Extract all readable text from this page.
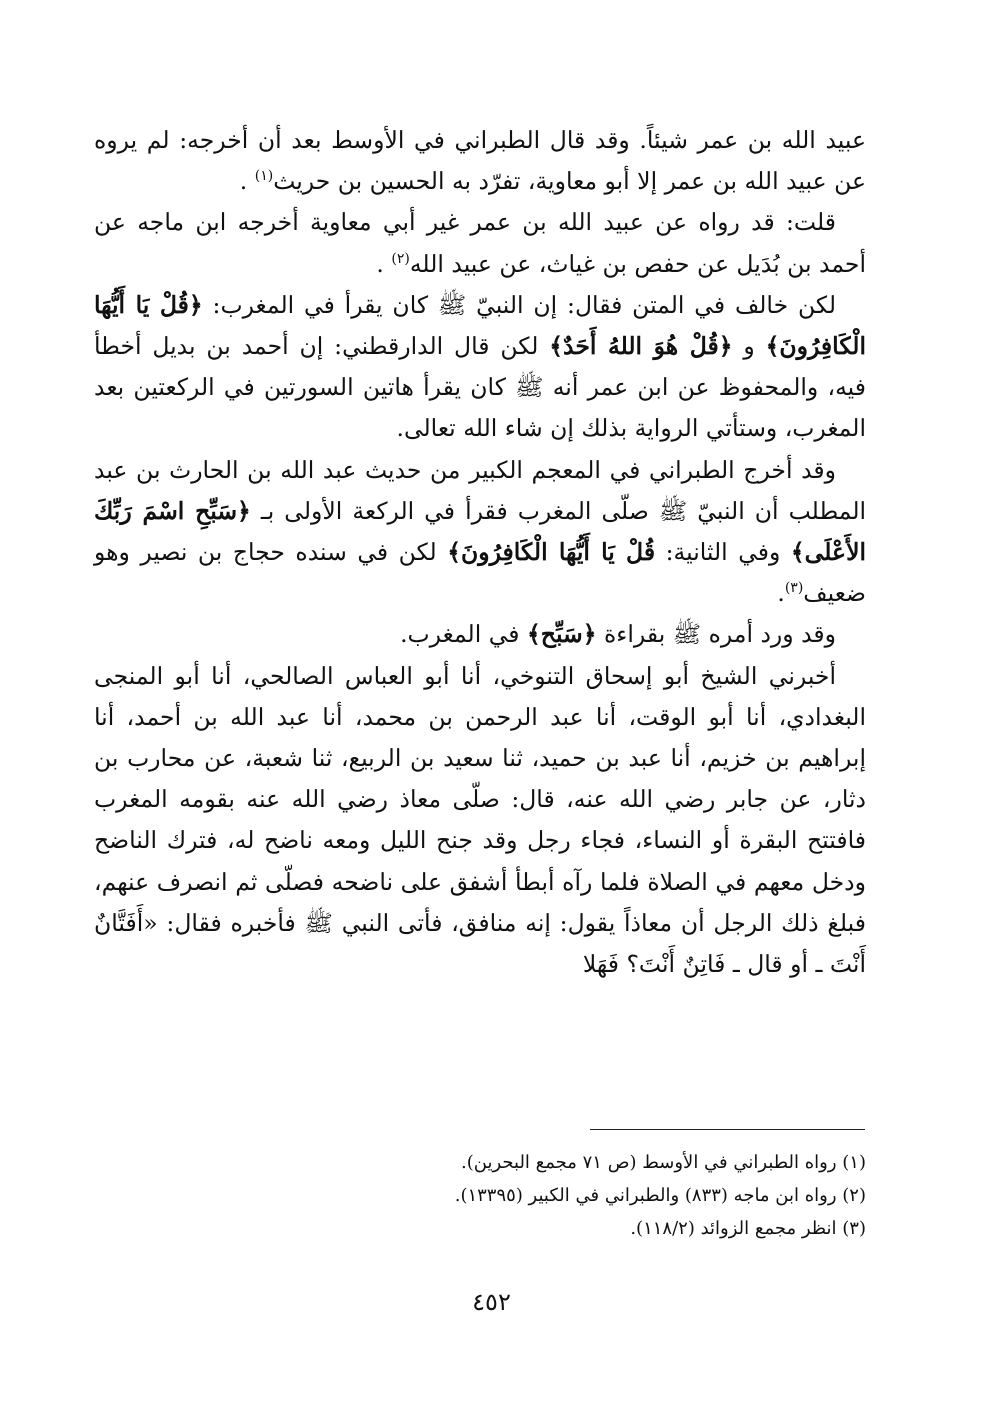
عبيد الله بن عمر شيئاً. وقد قال الطبراني في الأوسط بعد أن أخرجه: لم يروه عن عبيد الله بن عمر إلا أبو معاوية، تفرّد به الحسين بن حريث$^{(١)}$ .

قلت: قد رواه عن عبيد الله بن عمر غير أبي معاوية أخرجه ابن ماجه عن أحمد بن بُدَيل عن حفص بن غياث، عن عبيد الله$^{(٢)}$ .

لكن خالف في المتن فقال: إن النبيّ ﷺ كان يقرأ في المغرب: ﴿قُلْ يَا أَيُّهَا الْكَافِرُونَ﴾ و ﴿قُلْ هُوَ اللهُ أَحَدٌ﴾ لكن قال الدارقطني: إن أحمد بن بديل أخطأ فيه، والمحفوظ عن ابن عمر أنه ﷺ كان يقرأ هاتين السورتين في الركعتين بعد المغرب، وستأتي الرواية بذلك إن شاء الله تعالى.

وقد أخرج الطبراني في المعجم الكبير من حديث عبد الله بن الحارث بن عبد المطلب أن النبيّ ﷺ صلّى المغرب فقرأ في الركعة الأولى بـ ﴿سَبِّحِ اسْمَ رَبِّكَ الأَعْلَى﴾ وفي الثانية: قُلْ يَا أَيُّهَا الْكَافِرُونَ﴾ لكن في سنده حجاج بن نصير وهو ضعيف$^{(٣)}$.

وقد ورد أمره ﷺ بقراءة ﴿سَبِّح﴾ في المغرب.

أخبرني الشيخ أبو إسحاق التنوخي، أنا أبو العباس الصالحي، أنا أبو المنجى البغدادي، أنا أبو الوقت، أنا عبد الرحمن بن محمد، أنا عبد الله بن أحمد، أنا إبراهيم بن خزيم، أنا عبد بن حميد، ثنا سعيد بن الربيع، ثنا شعبة، عن محارب بن دثار، عن جابر رضي الله عنه، قال: صلّى معاذ رضي الله عنه بقومه المغرب فافتتح البقرة أو النساء، فجاء رجل وقد جنح الليل ومعه ناضح له، فترك الناضح ودخل معهم في الصلاة فلما رآه أبطأ أشفق على ناضحه فصلّى ثم انصرف عنهم، فبلغ ذلك الرجل أن معاذاً يقول: إنه منافق، فأتى النبي ﷺ فأخبره فقال: «أَفَتَّانٌ أَنْتَ ـ أو قال ـ فَاتِنٌ أَنْتَ؟ فَهَلا

(١) رواه الطبراني في الأوسط (ص ٧١ مجمع البحرين).
(٢) رواه ابن ماجه (٨٣٣) والطبراني في الكبير (١٣٣٩٥).
(٣) انظر مجمع الزوائد (١١٨/٢).
٤٥٢
